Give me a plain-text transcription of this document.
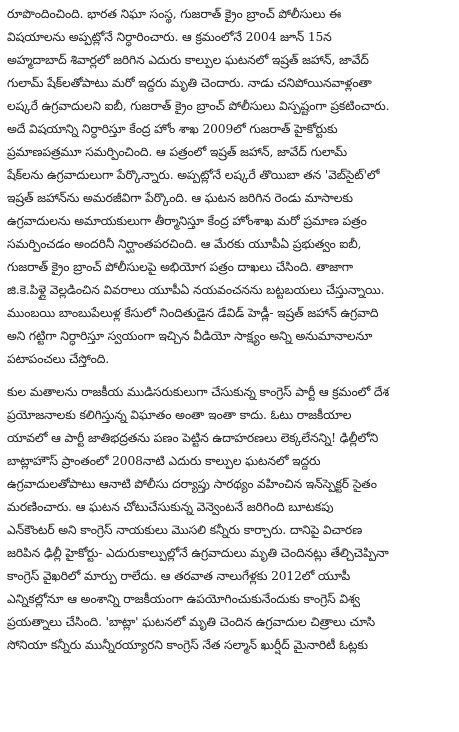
రూపొందించింది. భారత నిఘా సంస్థ, గుజరాత్ క్రైం బ్రాంచ్ పోలీసులు ఈ
విషయాలను అప్పట్లోనే నిర్ధారించారు. ఆ క్రమంలోనే 2004 జూన్ 15న
అహ్మదాబాద్ శివార్లలో జరిగిన ఎదురు కాల్పుల ఘటనలో ఇష్రత్ జహాన్, జావేద్
గులామ్ షేక్‌లతోపాటు మరో ఇద్దరు మృతి చెందారు. నాడు చనిపోయినవాళ్లంతా
లష్కరే ఉగ్రవాదులని ఐబీ, గుజరాత్ క్రైం బ్రాంచ్ పోలీసులు విస్పష్టంగా ప్రకటించారు.
అదే విషయాన్ని నిర్ధారిస్తూ కేంద్ర హోం శాఖ 2009లో గుజరాత్ హైకోర్టుకు
ప్రమాణపత్రమూ సమర్పించింది. ఆ పత్రంలో ఇష్రత్ జహాన్, జావేద్ గులామ్
షేక్‌లను ఉగ్రవాదులుగా పేర్కొన్నారు. అప్పట్లోనే లష్కరే తొయిబా తన 'వెబ్‌సైట్'లో
ఇష్రత్ జహాన్‌ను అమరజీవిగా పేర్కొంది. ఆ ఘటన జరిగిన రెండు మాసాలకు
ఉగ్రవాదులను అమాయకులుగా తీర్మానిస్తూ కేంద్ర హోంశాఖ మరో ప్రమాణ పత్రం
సమర్పించడం అందరినీ నిర్ఘాంతపరచింది. ఆ మేరకు యూపీఏ ప్రభుత్వం ఐబీ,
గుజరాత్ క్రైం బ్రాంచ్ పోలీసులపై అభియోగ పత్రం దాఖలు చేసింది. తాజాగా
జి.కె.పిళ్లై వెల్లడించిన వివరాలు యూపీఏ నయవంచనను బట్టబయలు చేస్తున్నాయి.
ముంబయి బాంబుపేలుళ్ల కేసులో నిందితుడైన డేవిడ్ హెడ్లీ- ఇష్రత్ జహాన్ ఉగ్రవాది
అని గట్టిగా నిర్ధారిస్తూ స్వయంగా ఇచ్చిన వీడియో సాక్ష్యం అన్ని అనుమానాలనూ
పటాపంచలు చేస్తోంది.
కుల మతాలను రాజకీయ ముడిసరుకులుగా చేసుకున్న కాంగ్రెస్ పార్టీ ఆ క్రమంలో దేశ
ప్రయోజనాలకు కలిగిస్తున్న విఘాతం అంతా ఇంతా కాదు. ఓటు రాజకీయాల
యావలో ఆ పార్టీ జాతిభద్రతను పణం పెట్టిన ఉదాహరణలు లెక్కలేనన్ని! ఢిల్లీలోని
బాట్లాహౌస్ ప్రాంతంలో 2008నాటి ఎదురు కాల్పుల ఘటనలో ఇద్దరు
ఉగ్రవాదులతోపాటు ఆనాటి పోలీసు దర్యాప్తు సారథ్యం వహించిన ఇన్‌స్పెక్టర్ సైతం
మరణించారు. ఆ ఘటన చోటుచేసుకున్న వెన్వెంటనే జరిగింది బూటకపు
ఎన్‌కౌంటర్ అని కాంగ్రెస్ నాయకులు మొసలి కన్నీరు కార్చారు. దానిపై విచారణ
జరిపిన ఢిల్లీ హైకోర్టు- ఎదురుకాల్పుల్లోనే ఉగ్రవాదులు మృతి చెందినట్లు తేల్చిచెప్పినా
కాంగ్రెస్ వైఖరిలో మార్పు రాలేదు. ఆ తరవాత నాలుగేళ్లకు 2012లో యూపీ
ఎన్నికల్లోనూ ఆ అంశాన్ని రాజకీయంగా ఉపయోగించుకునేందుకు కాంగ్రెస్ విశ్వ
ప్రయత్నాలు చేసింది. 'బాట్లా' ఘటనలో మృతి చెందిన ఉగ్రవాదుల చిత్రాలు చూసి
సోనియా కన్నీరు మున్నీరయ్యారని కాంగ్రెస్ నేత సల్మాన్ ఖుర్షీద్ మైనారిటీ ఓట్లకు
